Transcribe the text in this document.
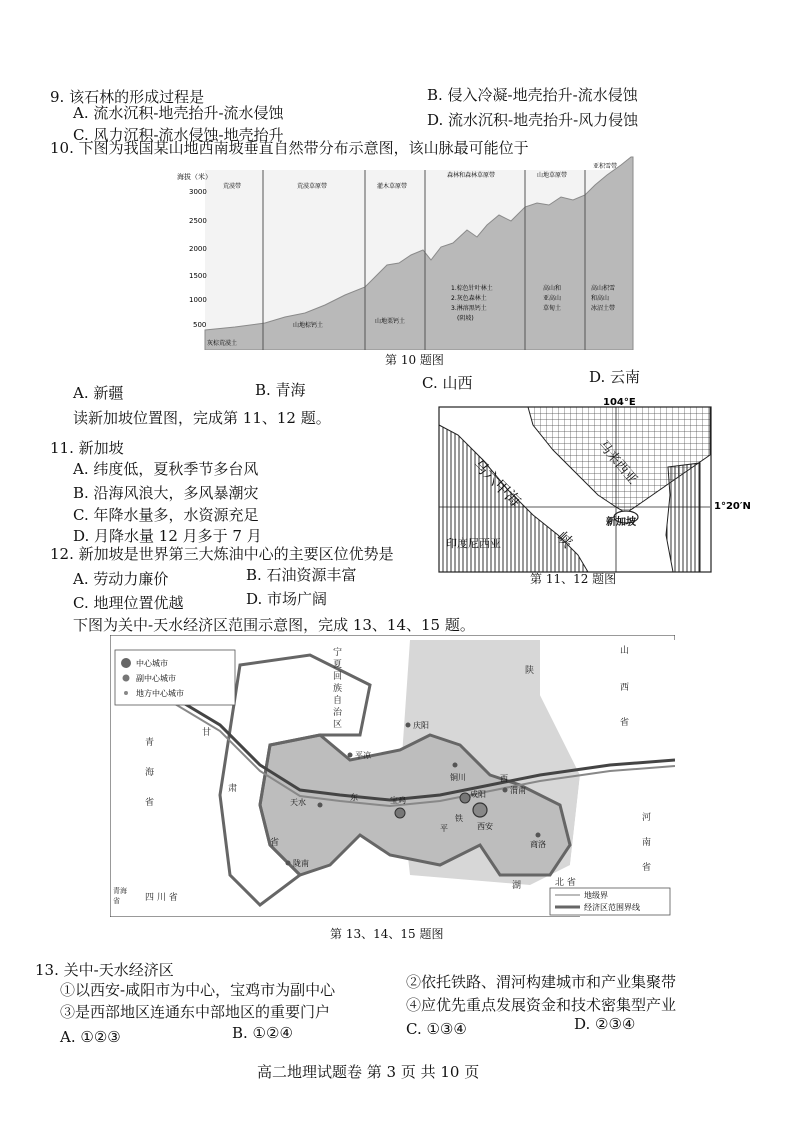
9. 该石林的形成过程是	B. 侵入冷凝-地壳抬升-流水侵蚀
A. 流水沉积-地壳抬升-流水侵蚀	D. 流水沉积-地壳抬升-风力侵蚀
C. 风力沉积-流水侵蚀-地壳抬升
10. 下图为我国某山地西南坡垂直自然带分布示意图，该山脉最可能位于
海拔（米）
3000
2500
2000
1500
1000
500
荒漠带	荒漠草原带	灌木草原带
森林和森林草原带	山地草原带
亚积雪带
灰棕荒漠土
山地棕钙土
山地栗钙土
1.棕色针叶林土
2.灰色森林土
3.淋溶黑钙土
(阴坡)
高山和
亚高山
草甸土
高山积雪
和高山
冰沼土带
第 10 题图
A. 新疆	B. 青海	C. 山西	D. 云南
读新加坡位置图，完成第 11、12 题。
104°E
1°20′N
马来西亚
马六甲海
峡
印度尼西亚
新加坡
第 11、12 题图
11. 新加坡
A. 纬度低，夏秋季节多台风
B. 沿海风浪大，多风暴潮灾
C. 年降水量多，水资源充足
D. 月降水量 12 月多于 7 月
12. 新加坡是世界第三大炼油中心的主要区位优势是
A. 劳动力廉价	B. 石油资源丰富
C. 地理位置优越	D. 市场广阔
下图为关中-天水经济区范围示意图，完成 13、14、15 题。
中心城市
副中心城市
地方中心城市
地级界
经济区范围界线
宁
夏
回
族
自
治
区
青
海
省
甘
肃
省
陕
山
西
省
河
南
省
四 川 省
湖	北 省
青海
省
庆阳
平凉
铜川
宝鸡
咸阳
西安
渭南
商洛
陇南
天水
西
铁
平
东
第 13、14、15 题图
13. 关中-天水经济区
①以西安-咸阳市为中心，宝鸡市为副中心	②依托铁路、渭河构建城市和产业集聚带
③是西部地区连通东中部地区的重要门户	④应优先重点发展资金和技术密集型产业
A. ①②③	B. ①②④	C. ①③④	D. ②③④
高二地理试题卷 第 3 页 共 10 页
